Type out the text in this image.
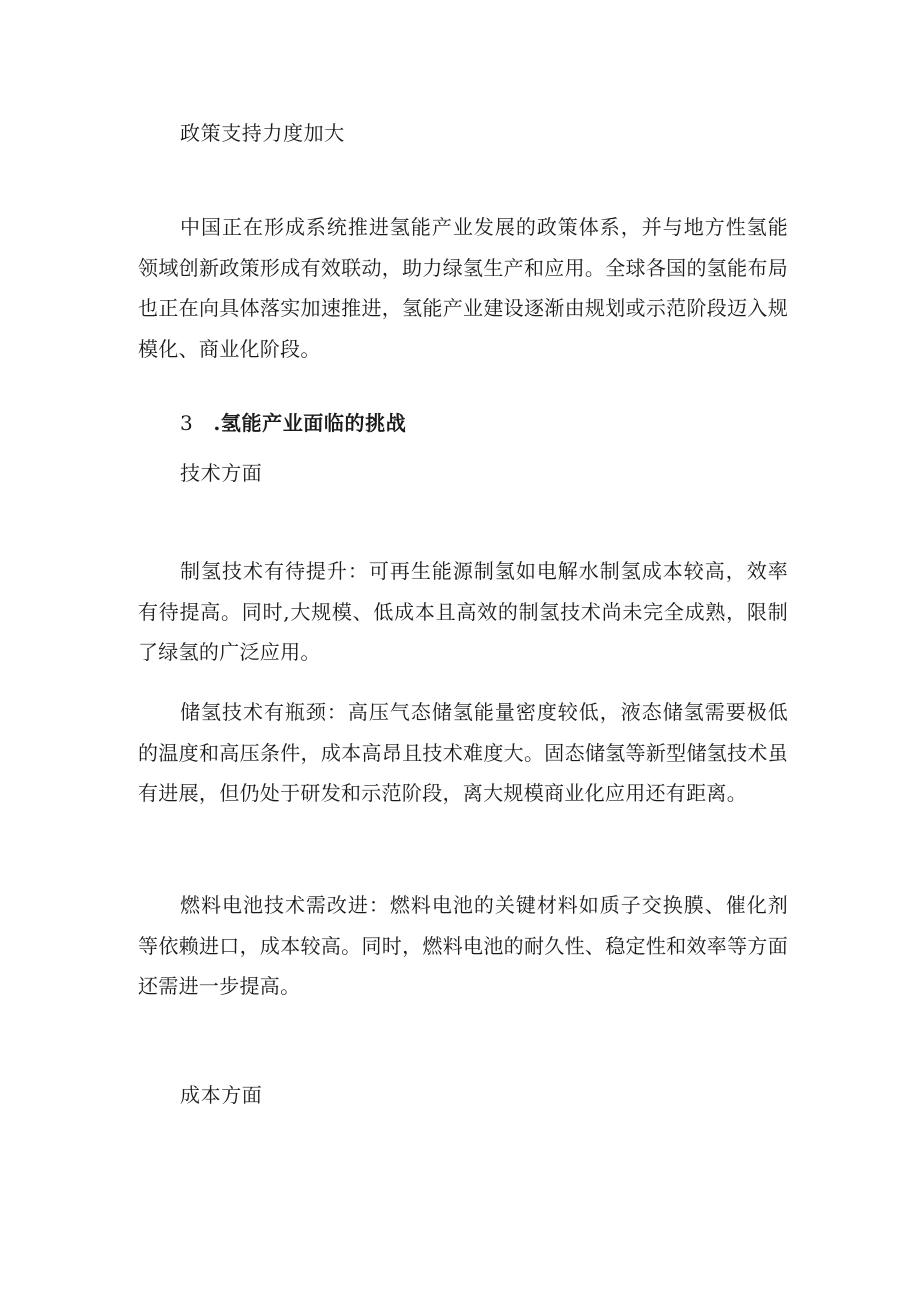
政策支持力度加大
中国正在形成系统推进氢能产业发展的政策体系，并与地方性氢能领域创新政策形成有效联动，助力绿氢生产和应用。全球各国的氢能布局也正在向具体落实加速推进，氢能产业建设逐渐由规划或示范阶段迈入规模化、商业化阶段。
3 .氢能产业面临的挑战
技术方面
制氢技术有待提升：可再生能源制氢如电解水制氢成本较高，效率有待提高。同时,大规模、低成本且高效的制氢技术尚未完全成熟，限制了绿氢的广泛应用。
储氢技术有瓶颈：高压气态储氢能量密度较低，液态储氢需要极低的温度和高压条件，成本高昂且技术难度大。固态储氢等新型储氢技术虽有进展，但仍处于研发和示范阶段，离大规模商业化应用还有距离。
燃料电池技术需改进：燃料电池的关键材料如质子交换膜、催化剂等依赖进口，成本较高。同时，燃料电池的耐久性、稳定性和效率等方面还需进一步提高。
成本方面
